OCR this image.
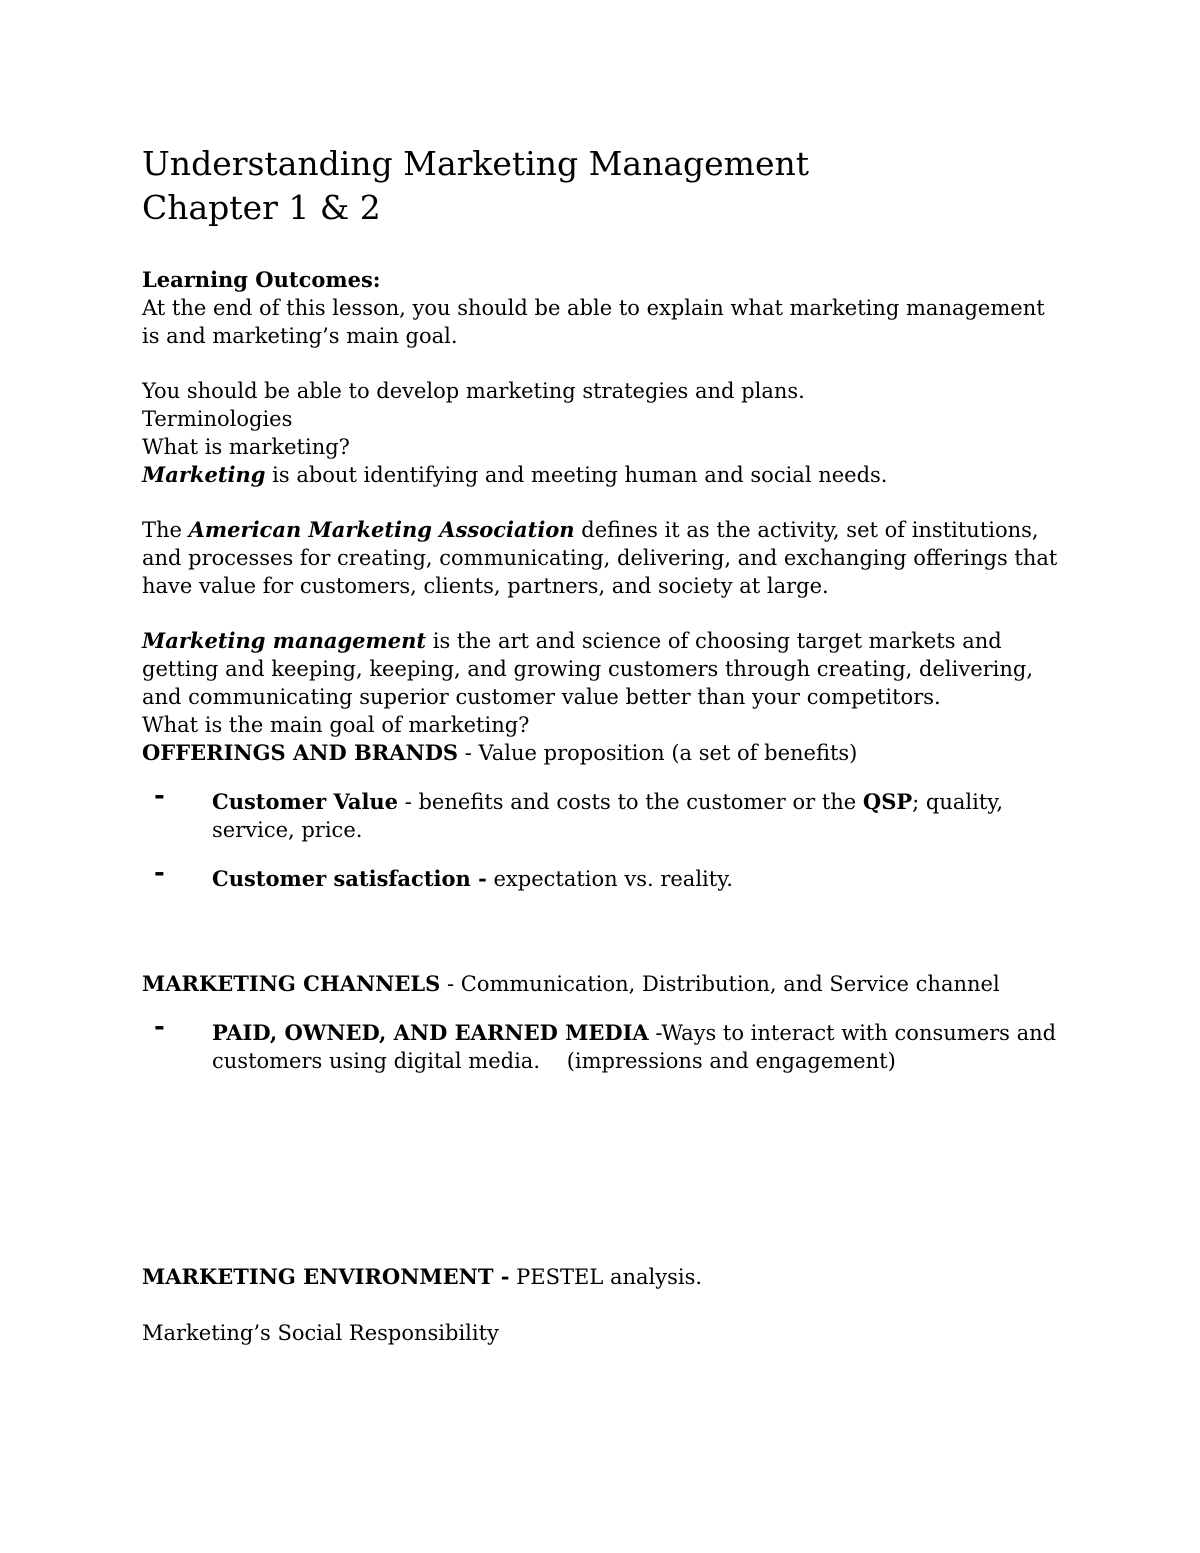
Understanding Marketing Management

Chapter 1 & 2

Learning Outcomes:

At the end of this lesson, you should be able to explain what marketing management is and marketing’s main goal.

You should be able to develop marketing strategies and plans.

Terminologies

What is marketing?

Marketing is about identifying and meeting human and social needs.

The American Marketing Association defines it as the activity, set of institutions, and processes for creating, communicating, delivering, and exchanging offerings that have value for customers, clients, partners, and society at large.

Marketing management is the art and science of choosing target markets and getting and keeping, keeping, and growing customers through creating, delivering, and communicating superior customer value better than your competitors.

What is the main goal of marketing?

OFFERINGS AND BRANDS - Value proposition (a set of benefits)

- Customer Value - benefits and costs to the customer or the QSP; quality, service, price.
- Customer satisfaction - expectation vs. reality.

MARKETING CHANNELS - Communication, Distribution, and Service channel

- PAID, OWNED, AND EARNED MEDIA -Ways to interact with consumers and customers using digital media.    (impressions and engagement)

MARKETING ENVIRONMENT - PESTEL analysis.

Marketing’s Social Responsibility
